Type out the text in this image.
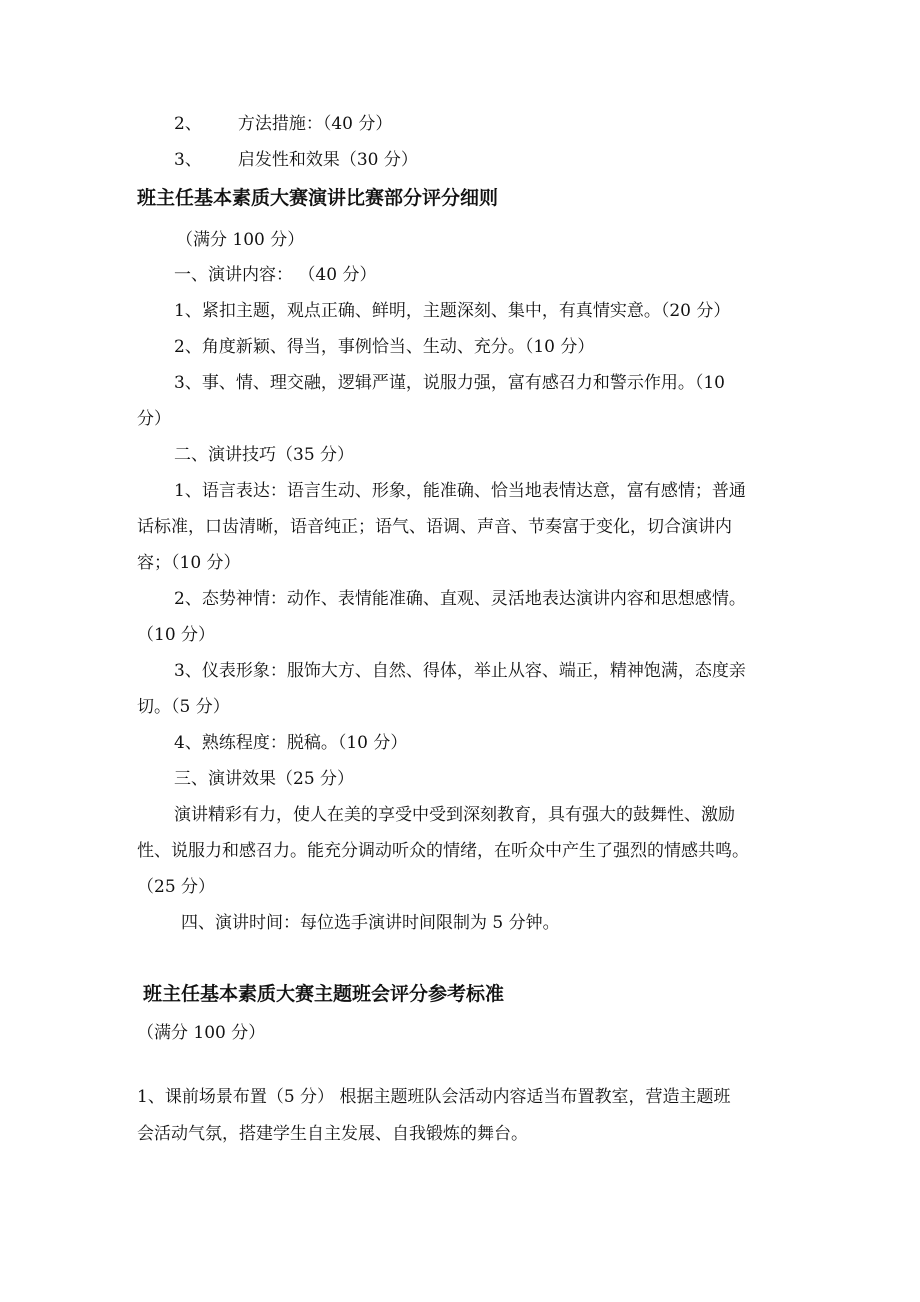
2、 方法措施：（40 分）

3、 启发性和效果（30 分）

班主任基本素质大赛演讲比赛部分评分细则

（满分 100 分）

一、演讲内容： （40 分）

1、紧扣主题，观点正确、鲜明，主题深刻、集中，有真情实意。（20 分）

2、角度新颖、得当，事例恰当、生动、充分。（10 分）

3、事、情、理交融，逻辑严谨，说服力强，富有感召力和警示作用。（10

分）

二、演讲技巧（35 分）

1、语言表达：语言生动、形象，能准确、恰当地表情达意，富有感情；普通

话标准，口齿清晰，语音纯正；语气、语调、声音、节奏富于变化，切合演讲内

容；（10 分）

2、态势神情：动作、表情能准确、直观、灵活地表达演讲内容和思想感情。

（10 分）

3、仪表形象：服饰大方、自然、得体，举止从容、端正，精神饱满，态度亲

切。（5 分）

4、熟练程度：脱稿。（10 分）

三、演讲效果（25 分）

演讲精彩有力，使人在美的享受中受到深刻教育，具有强大的鼓舞性、激励

性、说服力和感召力。能充分调动听众的情绪，在听众中产生了强烈的情感共鸣。

（25 分）

四、演讲时间：每位选手演讲时间限制为 5 分钟。

班主任基本素质大赛主题班会评分参考标准

（满分 100 分）

1、课前场景布置（5 分） 根据主题班队会活动内容适当布置教室，营造主题班

会活动气氛，搭建学生自主发展、自我锻炼的舞台。
